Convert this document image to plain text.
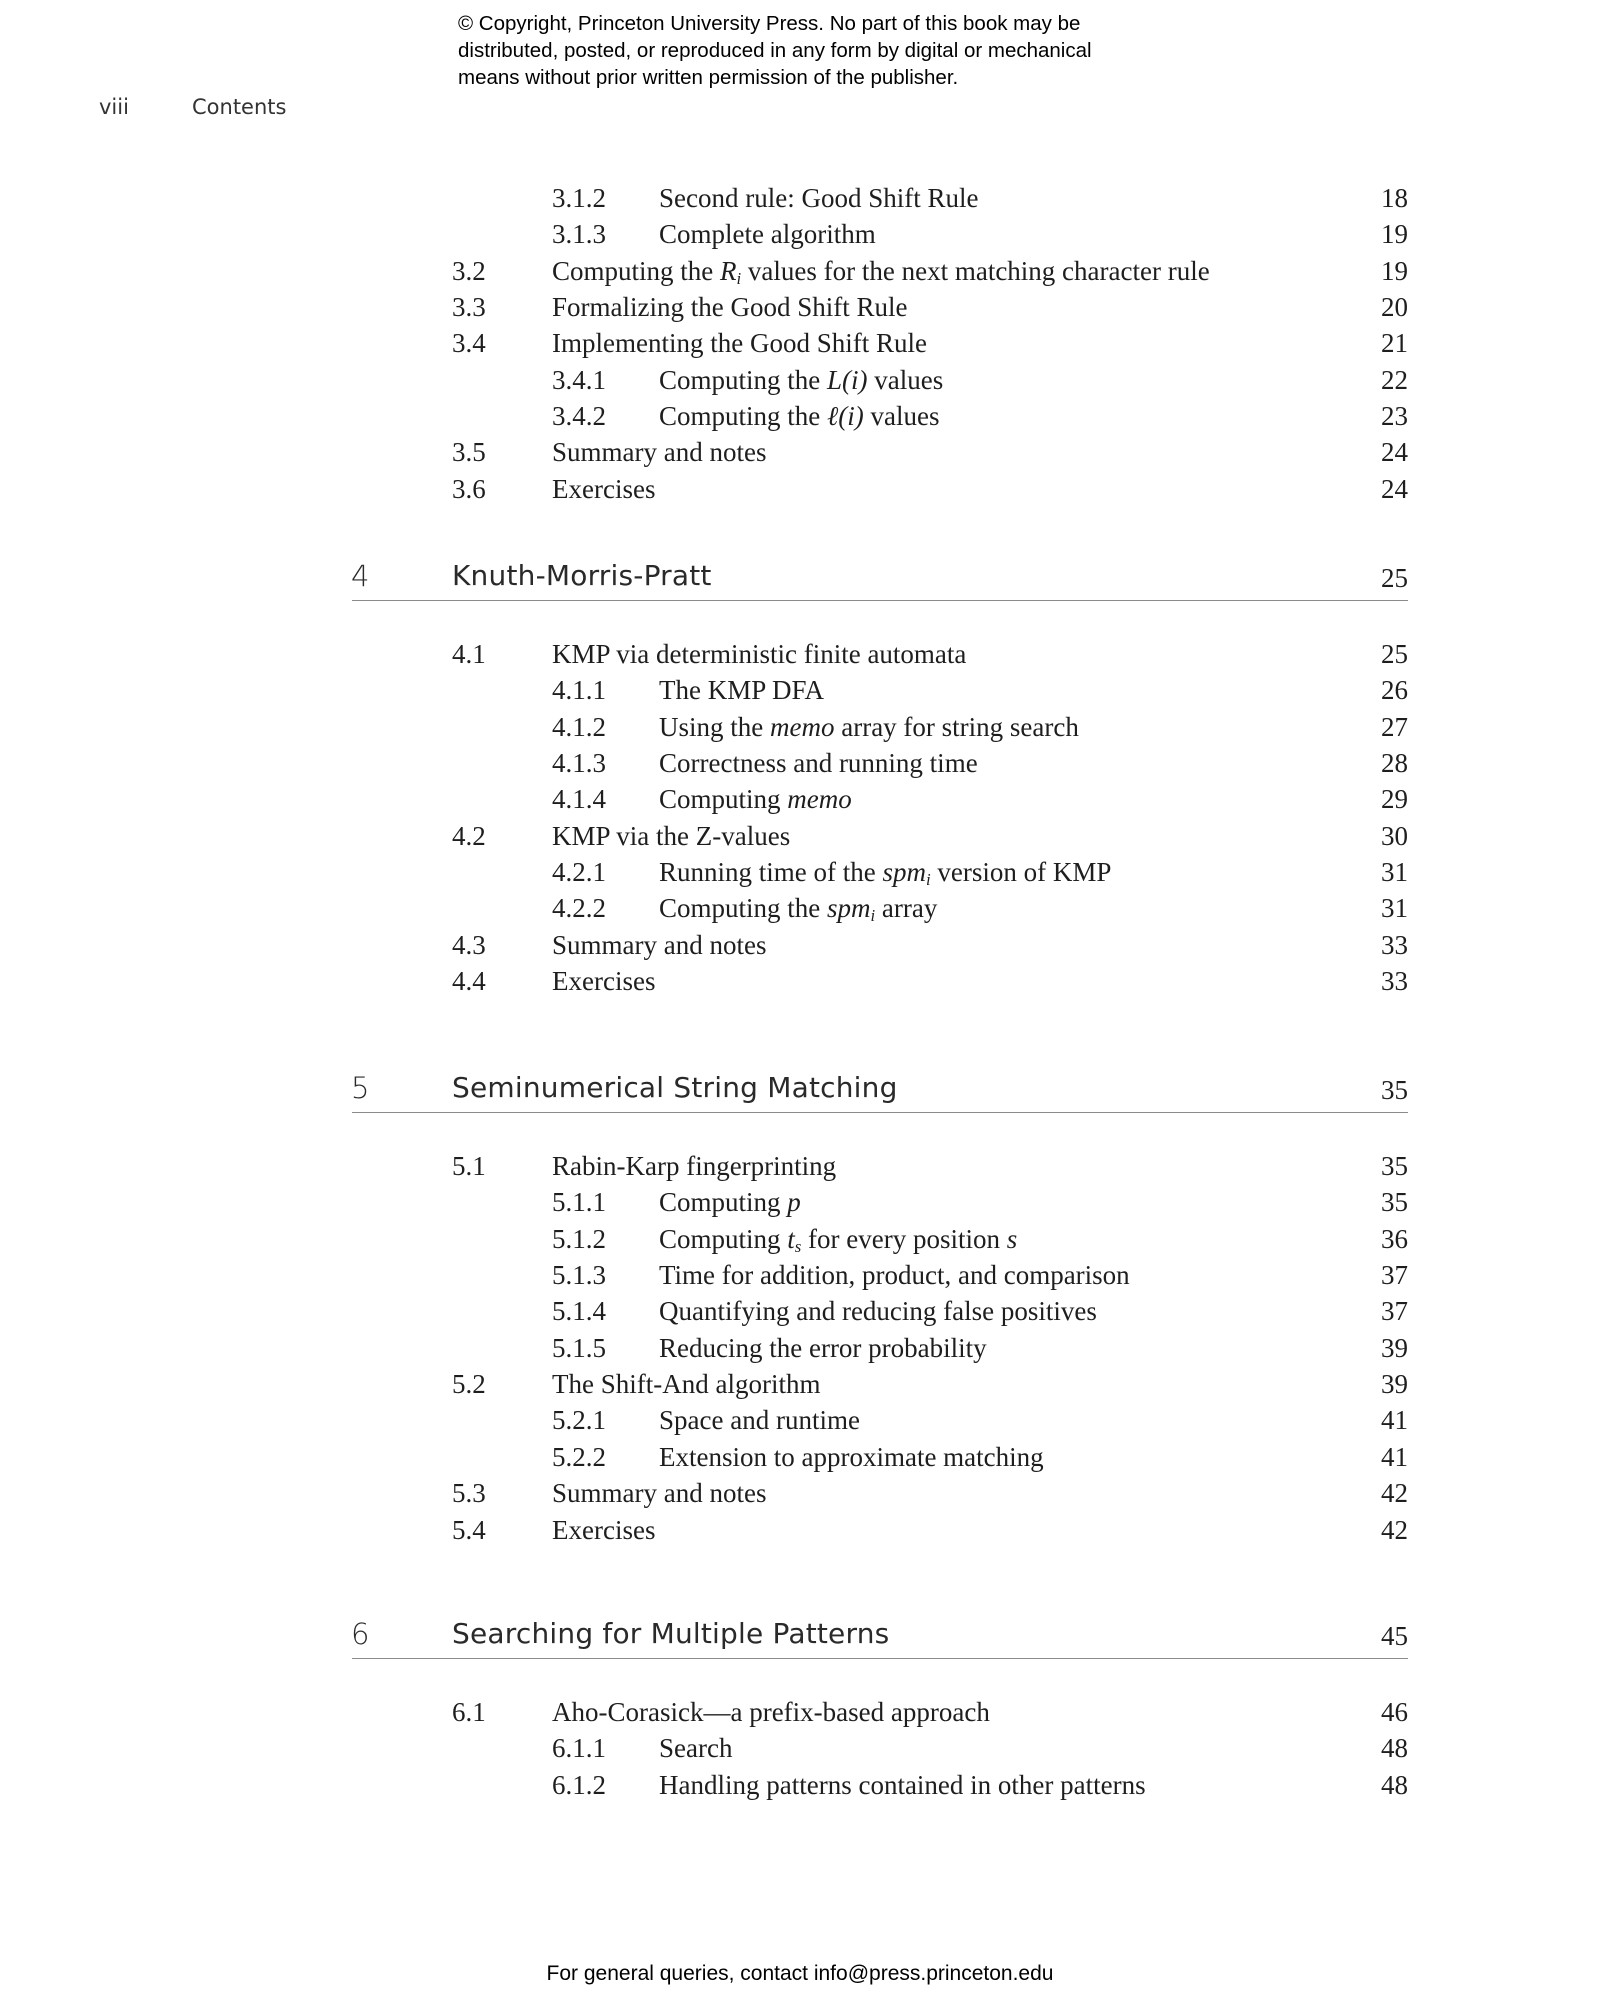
© Copyright, Princeton University Press. No part of this book may be
distributed, posted, or reproduced in any form by digital or mechanical
means without prior written permission of the publisher.
viii	Contents
3.1.2 Second rule: Good Shift Rule	18
3.1.3 Complete algorithm	19
3.2 Computing the $R_i$ values for the next matching character rule	19
3.3 Formalizing the Good Shift Rule	20
3.4 Implementing the Good Shift Rule	21
3.4.1 Computing the L(i) values	22
3.4.2 Computing the ℓ(i) values	23
3.5 Summary and notes	24
3.6 Exercises	24
4	Knuth-Morris-Pratt	25
4.1 KMP via deterministic finite automata	25
4.1.1 The KMP DFA	26
4.1.2 Using the memo array for string search	27
4.1.3 Correctness and running time	28
4.1.4 Computing memo	29
4.2 KMP via the Z-values	30
4.2.1 Running time of the spm$_i$ version of KMP	31
4.2.2 Computing the spm$_i$ array	31
4.3 Summary and notes	33
4.4 Exercises	33
5	Seminumerical String Matching	35
5.1 Rabin-Karp fingerprinting	35
5.1.1 Computing p	35
5.1.2 Computing $t_s$ for every position s	36
5.1.3 Time for addition, product, and comparison	37
5.1.4 Quantifying and reducing false positives	37
5.1.5 Reducing the error probability	39
5.2 The Shift-And algorithm	39
5.2.1 Space and runtime	41
5.2.2 Extension to approximate matching	41
5.3 Summary and notes	42
5.4 Exercises	42
6	Searching for Multiple Patterns	45
6.1 Aho-Corasick—a prefix-based approach	46
6.1.1 Search	48
6.1.2 Handling patterns contained in other patterns	48
For general queries, contact info@press.princeton.edu
